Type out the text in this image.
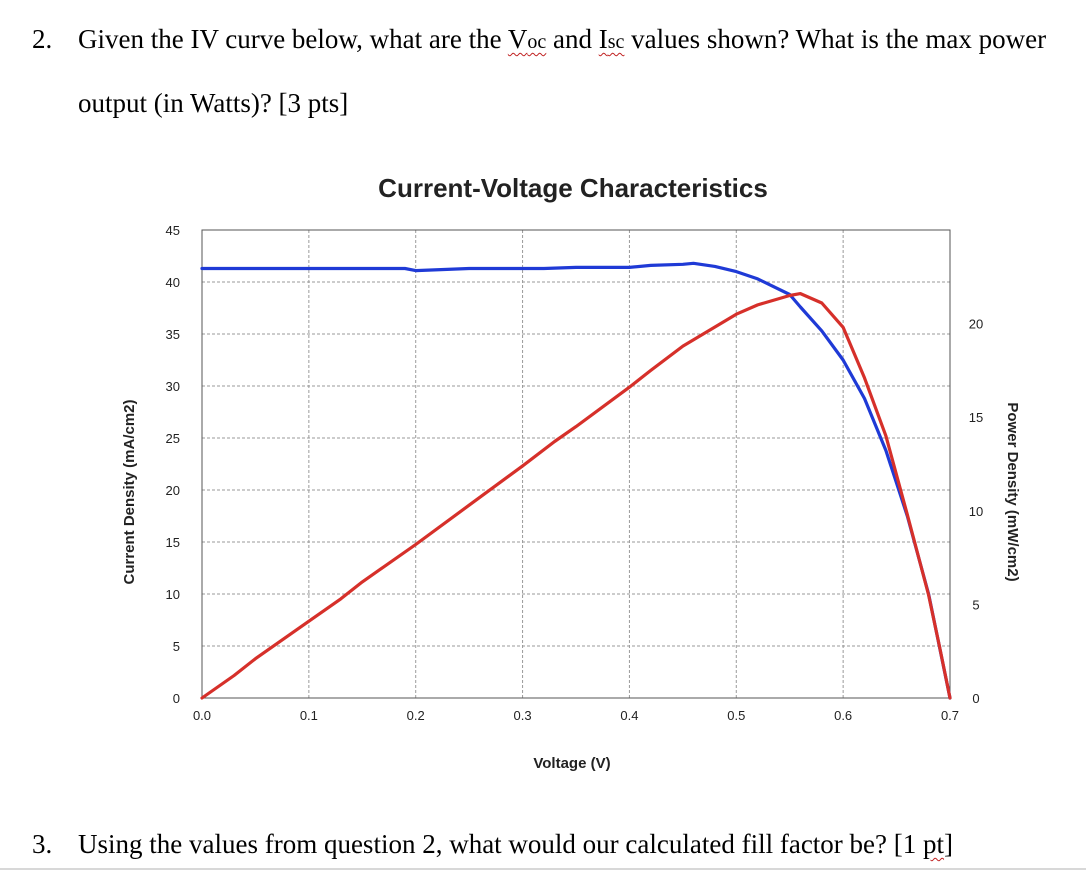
2. Given the IV curve below, what are the Voc and Isc values shown? What is the max power
output (in Watts)? [3 pts]
Current-Voltage Characteristics
Current Density (mA/cm2)	Power Density (mW/cm2)
Voltage (V)
0.0	0.1	0.2	0.3	0.4	0.5	0.6	0.7
0
5
10
15
20
25
30
35
40
45
0
5
10
15
20
3. Using the values from question 2, what would our calculated fill factor be? [1 pt]
